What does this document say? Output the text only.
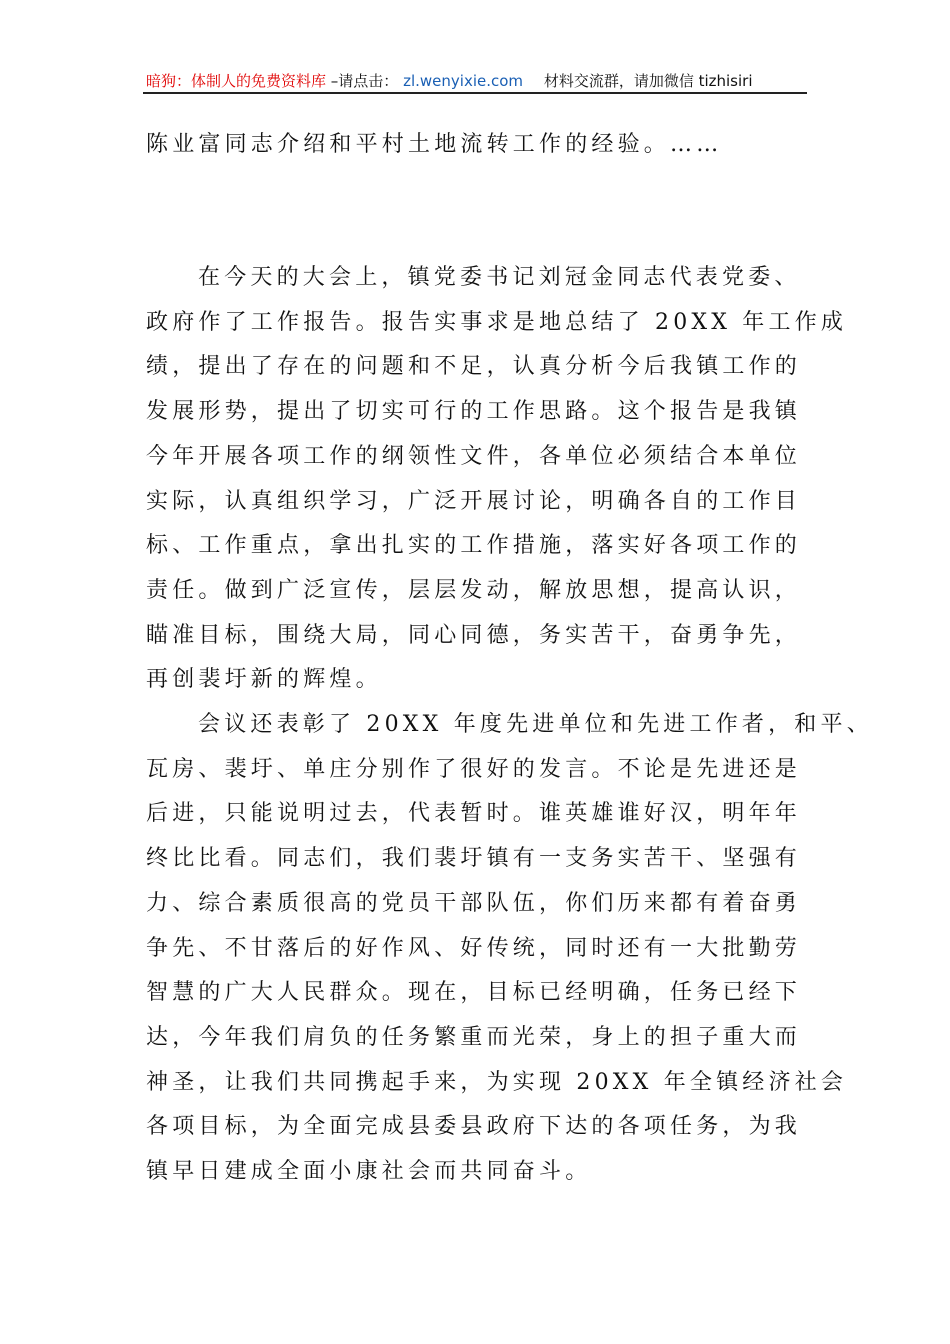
暗狗：体制人的免费资料库 –请点击： zl.wenyixie.com 材料交流群，请加微信 tizhisiri
陈业富同志介绍和平村土地流转工作的经验。……
在今天的大会上，镇党委书记刘冠金同志代表党委、
政府作了工作报告。报告实事求是地总结了 20XX 年工作成
绩，提出了存在的问题和不足，认真分析今后我镇工作的
发展形势，提出了切实可行的工作思路。这个报告是我镇
今年开展各项工作的纲领性文件，各单位必须结合本单位
实际，认真组织学习，广泛开展讨论，明确各自的工作目
标、工作重点，拿出扎实的工作措施，落实好各项工作的
责任。做到广泛宣传，层层发动，解放思想，提高认识，
瞄准目标，围绕大局，同心同德，务实苦干，奋勇争先，
再创裴圩新的辉煌。
会议还表彰了 20XX 年度先进单位和先进工作者，和平、
瓦房、裴圩、单庄分别作了很好的发言。不论是先进还是
后进，只能说明过去，代表暂时。谁英雄谁好汉，明年年
终比比看。同志们，我们裴圩镇有一支务实苦干、坚强有
力、综合素质很高的党员干部队伍，你们历来都有着奋勇
争先、不甘落后的好作风、好传统，同时还有一大批勤劳
智慧的广大人民群众。现在，目标已经明确，任务已经下
达，今年我们肩负的任务繁重而光荣，身上的担子重大而
神圣，让我们共同携起手来，为实现 20XX 年全镇经济社会
各项目标，为全面完成县委县政府下达的各项任务，为我
镇早日建成全面小康社会而共同奋斗。
